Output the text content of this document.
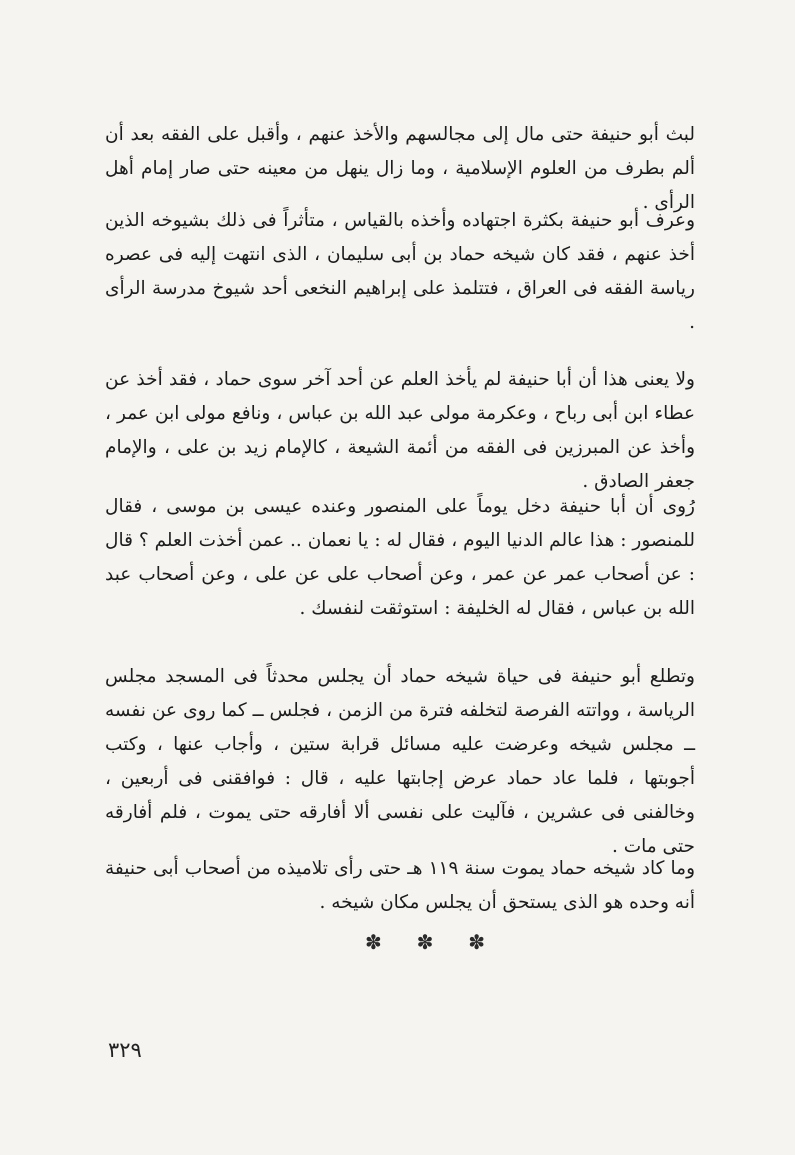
لبث أبو حنيفة حتى مال إلى مجالسهم والأخذ عنهم ، وأقبل على الفقه بعد أن ألم بطرف من العلوم الإسلامية ، وما زال ينهل من معينه حتى صار إمام أهل الرأى .

وعرف أبو حنيفة بكثرة اجتهاده وأخذه بالقياس ، متأثراً فى ذلك بشيوخه الذين أخذ عنهم ، فقد كان شيخه حماد بن أبى سليمان ، الذى انتهت إليه فى عصره رياسة الفقه فى العراق ، فتتلمذ على إبراهيم النخعى أحد شيوخ مدرسة الرأى .

ولا يعنى هذا أن أبا حنيفة لم يأخذ العلم عن أحد آخر سوى حماد ، فقد أخذ عن عطاء ابن أبى رباح ، وعكرمة مولى عبد الله بن عباس ، ونافع مولى ابن عمر ، وأخذ عن المبرزين فى الفقه من أئمة الشيعة ، كالإمام زيد بن على ، والإمام جعفر الصادق .

رُوى أن أبا حنيفة دخل يوماً على المنصور وعنده عيسى بن موسى ، فقال للمنصور : هذا عالم الدنيا اليوم ، فقال له : يا نعمان .. عمن أخذت العلم ؟ قال : عن أصحاب عمر عن عمر ، وعن أصحاب على عن على ، وعن أصحاب عبد الله بن عباس ، فقال له الخليفة : استوثقت لنفسك .

وتطلع أبو حنيفة فى حياة شيخه حماد أن يجلس محدثاً فى المسجد مجلس الرياسة ، وواتته الفرصة لتخلفه فترة من الزمن ، فجلس ــ كما روى عن نفسه ــ مجلس شيخه وعرضت عليه مسائل قرابة ستين ، وأجاب عنها ، وكتب أجوبتها ، فلما عاد حماد عرض إجابتها عليه ، قال : فوافقنى فى أربعين ، وخالفنى فى عشرين ، فآليت على نفسى ألا أفارقه حتى يموت ، فلم أفارقه حتى مات .

وما كاد شيخه حماد يموت سنة ١١٩ هـ حتى رأى تلاميذه من أصحاب أبى حنيفة أنه وحده هو الذى يستحق أن يجلس مكان شيخه .

✽ ✽ ✽
٣٢٩
